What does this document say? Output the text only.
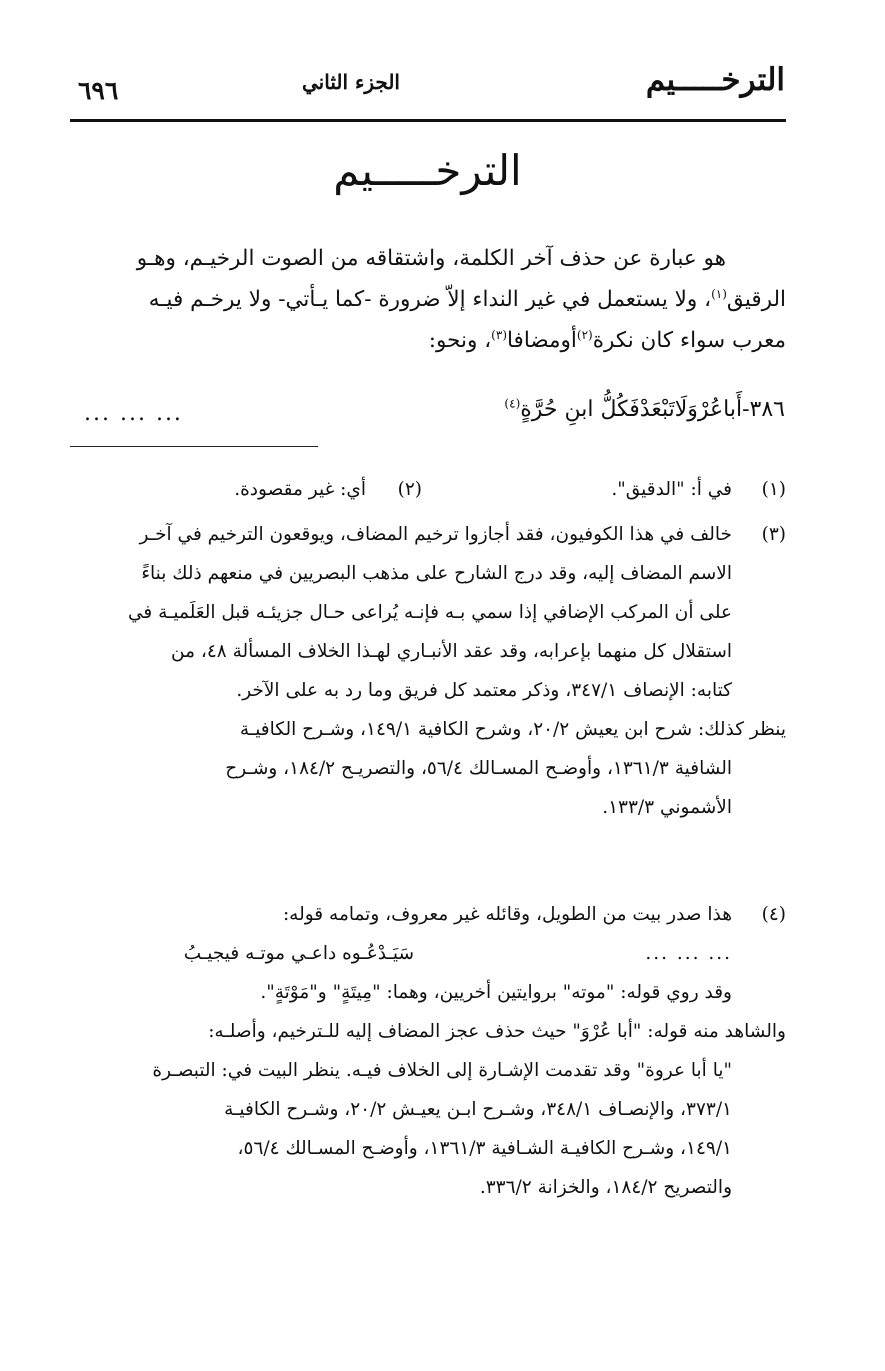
الترخـــــيم
الجزء الثاني
٦٩٦
الترخـــــيم
هو عبارة عن حذف آخر الكلمة، واشتقاقه من الصوت الرخيـم، وهـو
الرقيق$^{(١)}$، ولا يستعمل في غير النداء إلاّ ضرورة -كما يـأتي- ولا يرخـم فيـه
معرب سواء كان نكرة$^{(٢)}$أومضافا$^{(٣)}$، ونحو:
٣٨٦-أَباعُرْوَلَاتَبْعَدْفَكُلُّ ابنِ حُرَّةٍ$^{(٤)}$
... ... ...
(١)
في أ: "الدقيق".
(٢)
أي: غير مقصودة.
(٣)
خالف في هذا الكوفيون، فقد أجازوا ترخيم المضاف، ويوقعون الترخيم في آخـر
الاسم المضاف إليه، وقد درج الشارح على مذهب البصريين في منعهم ذلك بناءً
على أن المركب الإضافي إذا سمي بـه فإنـه يُراعى حـال جزيئـه قبل العَلَميـة في
استقلال كل منهما بإعرابه، وقد عقد الأنبـاري لهـذا الخلاف المسألة ٤٨، من
كتابه: الإنصاف ٣٤٧/١، وذكر معتمد كل فريق وما رد به على الآخر.
ينظر كذلك: شرح ابن يعيش ٢٠/٢، وشرح الكافية ١٤٩/١، وشـرح الكافيـة
الشافية ١٣٦١/٣، وأوضـح المسـالك ٥٦/٤، والتصريـح ١٨٤/٢، وشـرح
الأشموني ١٣٣/٣.
(٤)
هذا صدر بيت من الطويل، وقائله غير معروف، وتمامه قوله:
سَيَـدْعُـوه داعـي موتـه فيجيـبُ	... ... ...

وقد روي قوله: "موته" بروايتين أخريين، وهما: "مِيتَةٍ" و"مَوْتَةٍ".
والشاهد منه قوله: "أبا عُرْوَ" حيث حذف عجز المضاف إليه للـترخيم، وأصلـه:
"يا أبا عروة" وقد تقدمت الإشـارة إلى الخلاف فيـه. ينظر البيت في: التبصـرة
٣٧٣/١، والإنصـاف ٣٤٨/١، وشـرح ابـن يعيـش ٢٠/٢، وشـرح الكافيـة
١٤٩/١، وشـرح الكافيـة الشـافية ١٣٦١/٣، وأوضـح المسـالك ٥٦/٤،
والتصريح ١٨٤/٢، والخزانة ٣٣٦/٢.
